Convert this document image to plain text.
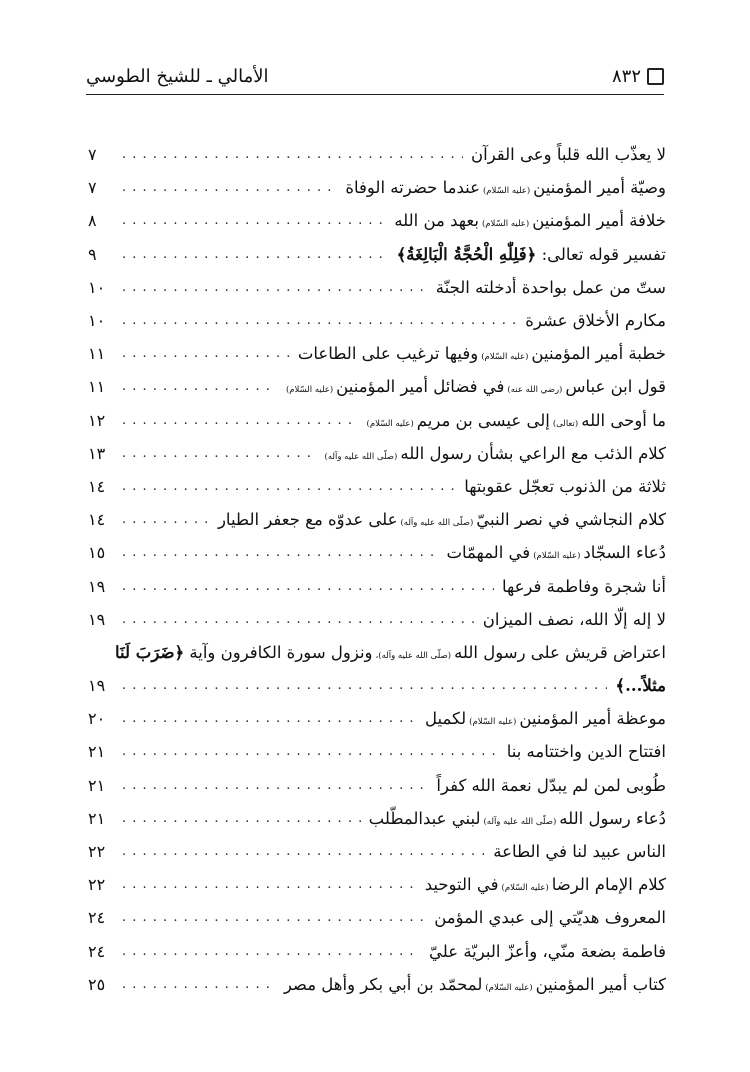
٨٣٢
الأمالي ـ للشيخ الطوسي
لا يعذّب الله قلباً وعى القرآن
. . .
٧
وصيّة أمير المؤمنين(عليه السّلام)عندما حضرته الوفاة
. . .
٧
خلافة أمير المؤمنين(عليه السّلام)بعهد من الله
. . .
٨
تفسير قوله تعالى: ﴿فَلِلّٰهِ الْحُجَّةُ الْبَالِغَةُ﴾
. . .
٩
ستّ من عمل بواحدة أدخلته الجنّة
. . .
١٠
مكارم الأخلاق عشرة
. . .
١٠
خطبة أمير المؤمنين(عليه السّلام)وفيها ترغيب على الطاعات
. . .
١١
قول ابن عباس(رضي الله عنه)في فضائل أمير المؤمنين(عليه السّلام)
. . .
١١
ما أوحى الله(تعالى)إلى عيسى بن مريم(عليه السّلام)
. . .
١٢
كلام الذئب مع الراعي بشأن رسول الله(صلّى الله عليه وآله)
. . .
١٣
ثلاثة من الذنوب تعجّل عقوبتها
. . .
١٤
كلام النجاشي في نصر النبيّ(صلّى الله عليه وآله)على عدوّه مع جعفر الطيار
. . .
١٤
دُعاء السجّاد(عليه السّلام)في المهمّات
. . .
١٥
أنا شجرة وفاطمة فرعها
. . .
١٩
لا إله إلّا الله، نصف الميزان
. . .
١٩
اعتراض قريش على رسول الله(صلّى الله عليه وآله)،ونزول سورة الكافرون وآية ﴿ضَرَبَ لَنَا
مثلاً...﴾
. . .
١٩
موعظة أمير المؤمنين(عليه السّلام)لكميل
. . .
٢٠
افتتاح الدين واختتامه بنا
. . .
٢١
طُوبى لمن لم يبدّل نعمة الله كفراً
. . .
٢١
دُعاء رسول الله(صلّى الله عليه وآله)لبني عبدالمطّلب
. . .
٢١
الناس عبيد لنا في الطاعة
. . .
٢٢
كلام الإمام الرضا(عليه السّلام)في التوحيد
. . .
٢٢
المعروف هديّتي إلى عبدي المؤمن
. . .
٢٤
فاطمة بضعة منّي، وأعزّ البريّة عليّ
. . .
٢٤
كتاب أمير المؤمنين(عليه السّلام)لمحمّد بن أبي بكر وأهل مصر
. . .
٢٥
